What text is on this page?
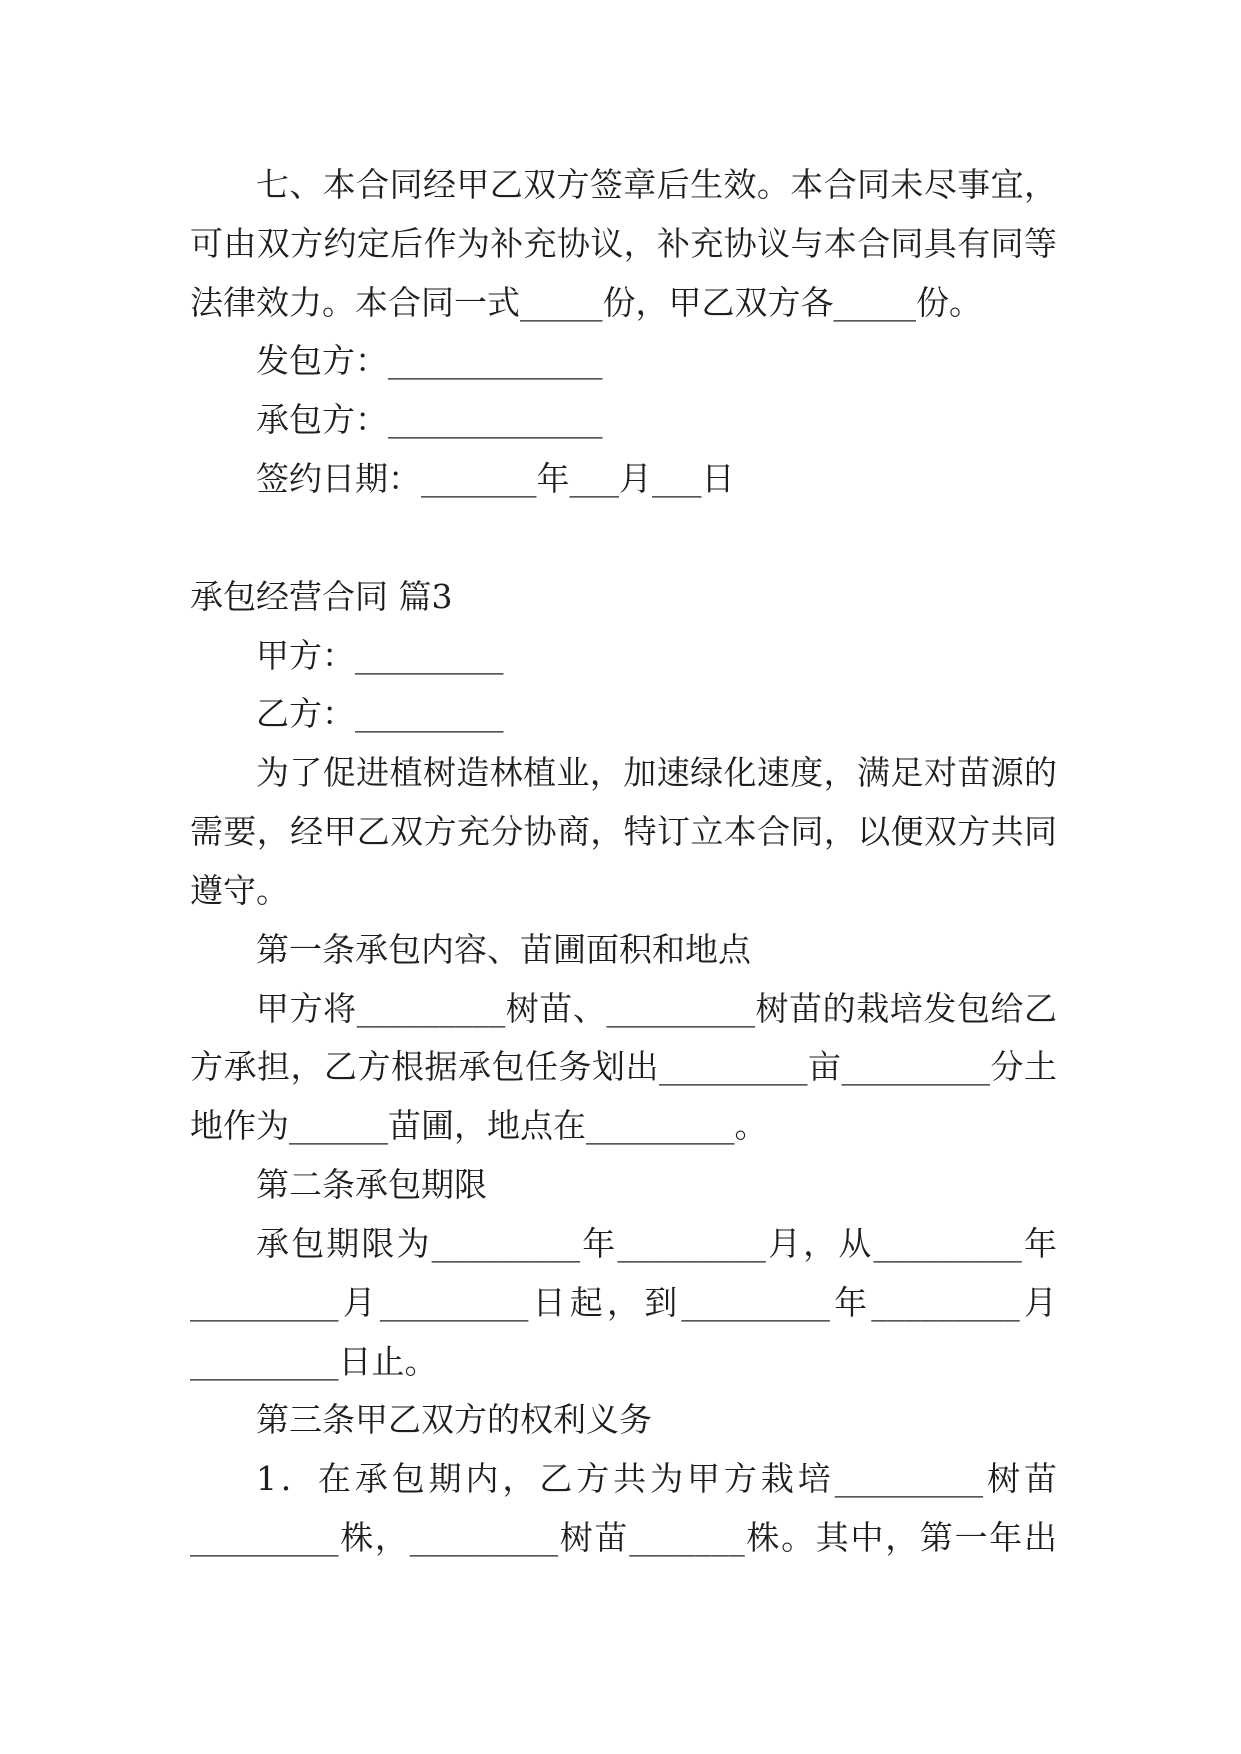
七、本合同经甲乙双方签章后生效。本合同未尽事宜，
可由双方约定后作为补充协议，补充协议与本合同具有同等
法律效力。本合同一式_____份，甲乙双方各_____份。
发包方：_____________
承包方：_____________
签约日期：_______年___月___日
承包经营合同 篇3
甲方：_________
乙方：_________
为了促进植树造林植业，加速绿化速度，满足对苗源的
需要，经甲乙双方充分协商，特订立本合同，以便双方共同
遵守。
第一条承包内容、苗圃面积和地点
甲方将_________树苗、_________树苗的栽培发包给乙
方承担，乙方根据承包任务划出_________亩_________分土
地作为______苗圃，地点在_________。
第二条承包期限
承包期限为_________年_________月，从_________年
_________月_________日起，到_________年_________月
_________日止。
第三条甲乙双方的权利义务
1．在承包期内，乙方共为甲方栽培_________树苗
_________株，_________树苗_______株。其中，第一年出
